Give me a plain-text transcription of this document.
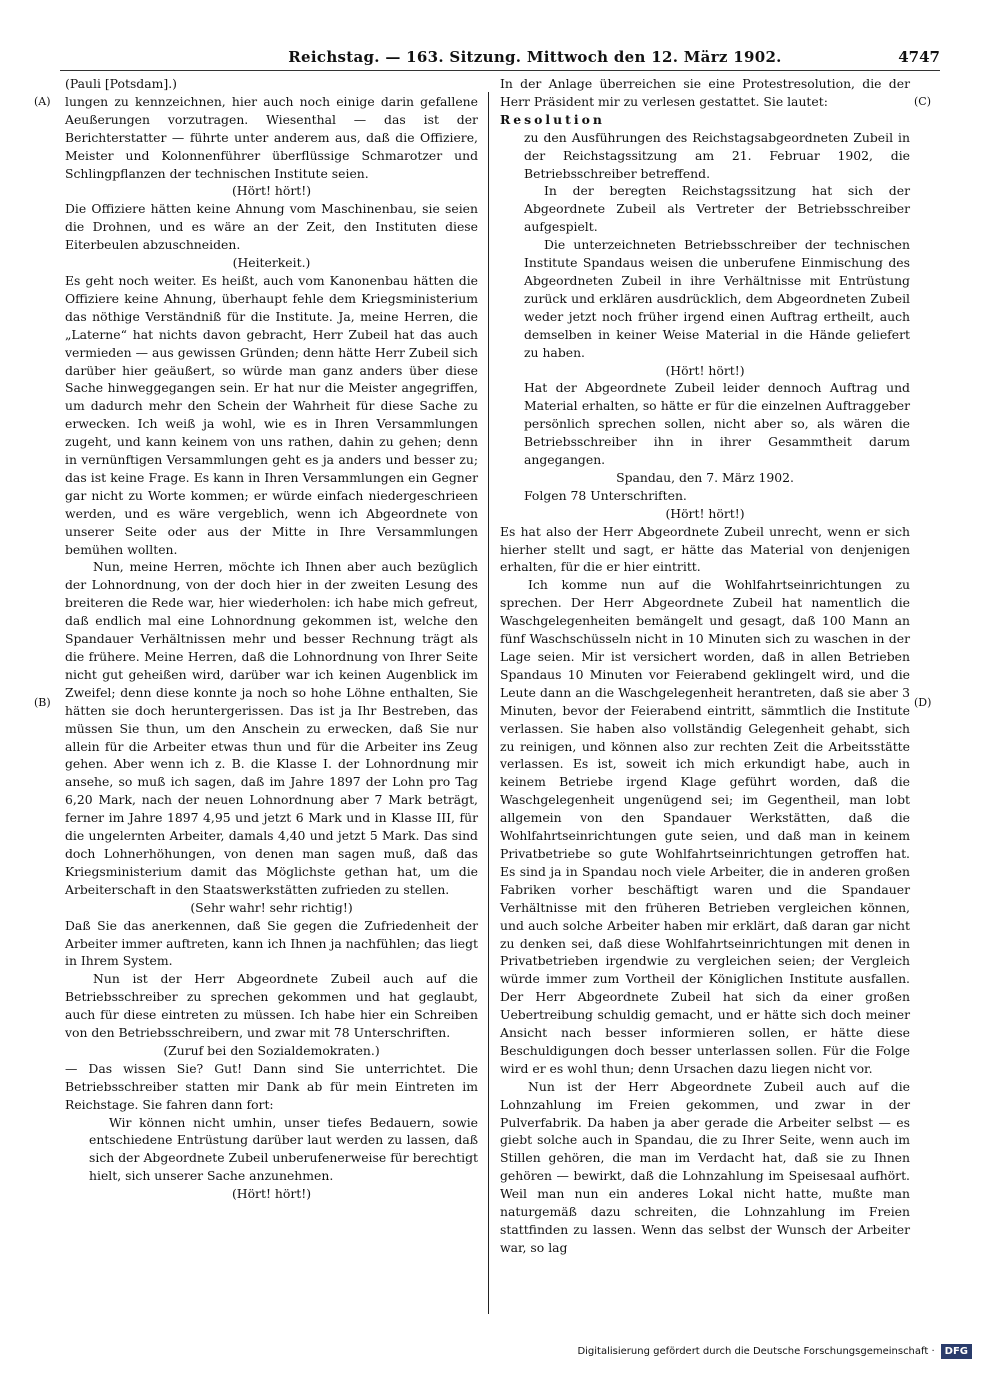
Reichstag. — 163. Sitzung. Mittwoch den 12. März 1902.	4747
(A)
(B)
(C)
(D)

(Pauli [Potsdam].)

lungen zu kennzeichnen, hier auch noch einige darin gefallene Aeußerungen vorzutragen. Wiesenthal — das ist der Berichterstatter — führte unter anderem aus, daß die Offiziere, Meister und Kolonnenführer überflüssige Schmarotzer und Schlingpflanzen der technischen Institute seien.

(Hört! hört!)

Die Offiziere hätten keine Ahnung vom Maschinenbau, sie seien die Drohnen, und es wäre an der Zeit, den Instituten diese Eiterbeulen abzuschneiden.

(Heiterkeit.)

Es geht noch weiter. Es heißt, auch vom Kanonenbau hätten die Offiziere keine Ahnung, überhaupt fehle dem Kriegsministerium das nöthige Verständniß für die Institute. Ja, meine Herren, die „Laterne“ hat nichts davon gebracht, Herr Zubeil hat das auch vermieden — aus gewissen Gründen; denn hätte Herr Zubeil sich darüber hier geäußert, so würde man ganz anders über diese Sache hinweggegangen sein. Er hat nur die Meister angegriffen, um dadurch mehr den Schein der Wahrheit für diese Sache zu erwecken. Ich weiß ja wohl, wie es in Ihren Versammlungen zugeht, und kann keinem von uns rathen, dahin zu gehen; denn in vernünftigen Versammlungen geht es ja anders und besser zu; das ist keine Frage. Es kann in Ihren Versammlungen ein Gegner gar nicht zu Worte kommen; er würde einfach niedergeschrieen werden, und es wäre vergeblich, wenn ich Abgeordnete von unserer Seite oder aus der Mitte in Ihre Versammlungen bemühen wollten.

Nun, meine Herren, möchte ich Ihnen aber auch bezüglich der Lohnordnung, von der doch hier in der zweiten Lesung des breiteren die Rede war, hier wiederholen: ich habe mich gefreut, daß endlich mal eine Lohnordnung gekommen ist, welche den Spandauer Verhältnissen mehr und besser Rechnung trägt als die frühere. Meine Herren, daß die Lohnordnung von Ihrer Seite nicht gut geheißen wird, darüber war ich keinen Augenblick im Zweifel; denn diese konnte ja noch so hohe Löhne enthalten, Sie hätten sie doch heruntergerissen. Das ist ja Ihr Bestreben, das müssen Sie thun, um den Anschein zu erwecken, daß Sie nur allein für die Arbeiter etwas thun und für die Arbeiter ins Zeug gehen. Aber wenn ich z. B. die Klasse I. der Lohnordnung mir ansehe, so muß ich sagen, daß im Jahre 1897 der Lohn pro Tag 6,20 Mark, nach der neuen Lohnordnung aber 7 Mark beträgt, ferner im Jahre 1897 4,95 und jetzt 6 Mark und in Klasse III, für die ungelernten Arbeiter, damals 4,40 und jetzt 5 Mark. Das sind doch Lohnerhöhungen, von denen man sagen muß, daß das Kriegsministerium damit das Möglichste gethan hat, um die Arbeiterschaft in den Staatswerkstätten zufrieden zu stellen.

(Sehr wahr! sehr richtig!)

Daß Sie das anerkennen, daß Sie gegen die Zufriedenheit der Arbeiter immer auftreten, kann ich Ihnen ja nachfühlen; das liegt in Ihrem System.

Nun ist der Herr Abgeordnete Zubeil auch auf die Betriebsschreiber zu sprechen gekommen und hat geglaubt, auch für diese eintreten zu müssen. Ich habe hier ein Schreiben von den Betriebsschreibern, und zwar mit 78 Unterschriften.

(Zuruf bei den Sozialdemokraten.)

— Das wissen Sie? Gut! Dann sind Sie unterrichtet. Die Betriebsschreiber statten mir Dank ab für mein Eintreten im Reichstage. Sie fahren dann fort:

Wir können nicht umhin, unser tiefes Bedauern, sowie entschiedene Entrüstung darüber laut werden zu lassen, daß sich der Abgeordnete Zubeil unberufenerweise für berechtigt hielt, sich unserer Sache anzunehmen.

(Hört! hört!)

In der Anlage überreichen sie eine Protestresolution, die der Herr Präsident mir zu verlesen gestattet. Sie lautet:

Resolution

zu den Ausführungen des Reichstagsabgeordneten Zubeil in der Reichstagssitzung am 21. Februar 1902, die Betriebsschreiber betreffend.

In der beregten Reichstagssitzung hat sich der Abgeordnete Zubeil als Vertreter der Betriebsschreiber aufgespielt.

Die unterzeichneten Betriebsschreiber der technischen Institute Spandaus weisen die unberufene Einmischung des Abgeordneten Zubeil in ihre Verhältnisse mit Entrüstung zurück und erklären ausdrücklich, dem Abgeordneten Zubeil weder jetzt noch früher irgend einen Auftrag ertheilt, auch demselben in keiner Weise Material in die Hände geliefert zu haben.

(Hört! hört!)

Hat der Abgeordnete Zubeil leider dennoch Auftrag und Material erhalten, so hätte er für die einzelnen Auftraggeber persönlich sprechen sollen, nicht aber so, als wären die Betriebsschreiber ihn in ihrer Gesammtheit darum angegangen.

Spandau, den 7. März 1902.

Folgen 78 Unterschriften.

(Hört! hört!)

Es hat also der Herr Abgeordnete Zubeil unrecht, wenn er sich hierher stellt und sagt, er hätte das Material von denjenigen erhalten, für die er hier eintritt.

Ich komme nun auf die Wohlfahrtseinrichtungen zu sprechen. Der Herr Abgeordnete Zubeil hat namentlich die Waschgelegenheiten bemängelt und gesagt, daß 100 Mann an fünf Waschschüsseln nicht in 10 Minuten sich zu waschen in der Lage seien. Mir ist versichert worden, daß in allen Betrieben Spandaus 10 Minuten vor Feierabend geklingelt wird, und die Leute dann an die Waschgelegenheit herantreten, daß sie aber 3 Minuten, bevor der Feierabend eintritt, sämmtlich die Institute verlassen. Sie haben also vollständig Gelegenheit gehabt, sich zu reinigen, und können also zur rechten Zeit die Arbeitsstätte verlassen. Es ist, soweit ich mich erkundigt habe, auch in keinem Betriebe irgend Klage geführt worden, daß die Waschgelegenheit ungenügend sei; im Gegentheil, man lobt allgemein von den Spandauer Werkstätten, daß die Wohlfahrtseinrichtungen gute seien, und daß man in keinem Privatbetriebe so gute Wohlfahrtseinrichtungen getroffen hat. Es sind ja in Spandau noch viele Arbeiter, die in anderen großen Fabriken vorher beschäftigt waren und die Spandauer Verhältnisse mit den früheren Betrieben vergleichen können, und auch solche Arbeiter haben mir erklärt, daß daran gar nicht zu denken sei, daß diese Wohlfahrtseinrichtungen mit denen in Privatbetrieben irgendwie zu vergleichen seien; der Vergleich würde immer zum Vortheil der Königlichen Institute ausfallen. Der Herr Abgeordnete Zubeil hat sich da einer großen Uebertreibung schuldig gemacht, und er hätte sich doch meiner Ansicht nach besser informieren sollen, er hätte diese Beschuldigungen doch besser unterlassen sollen. Für die Folge wird er es wohl thun; denn Ursachen dazu liegen nicht vor.

Nun ist der Herr Abgeordnete Zubeil auch auf die Lohnzahlung im Freien gekommen, und zwar in der Pulverfabrik. Da haben ja aber gerade die Arbeiter selbst — es giebt solche auch in Spandau, die zu Ihrer Seite, wenn auch im Stillen gehören, die man im Verdacht hat, daß sie zu Ihnen gehören — bewirkt, daß die Lohnzahlung im Speisesaal aufhört. Weil man nun ein anderes Lokal nicht hatte, mußte man naturgemäß dazu schreiten, die Lohnzahlung im Freien stattfinden zu lassen. Wenn das selbst der Wunsch der Arbeiter war, so lag

Digitalisierung gefördert durch die Deutsche Forschungsgemeinschaft ·	DFG
